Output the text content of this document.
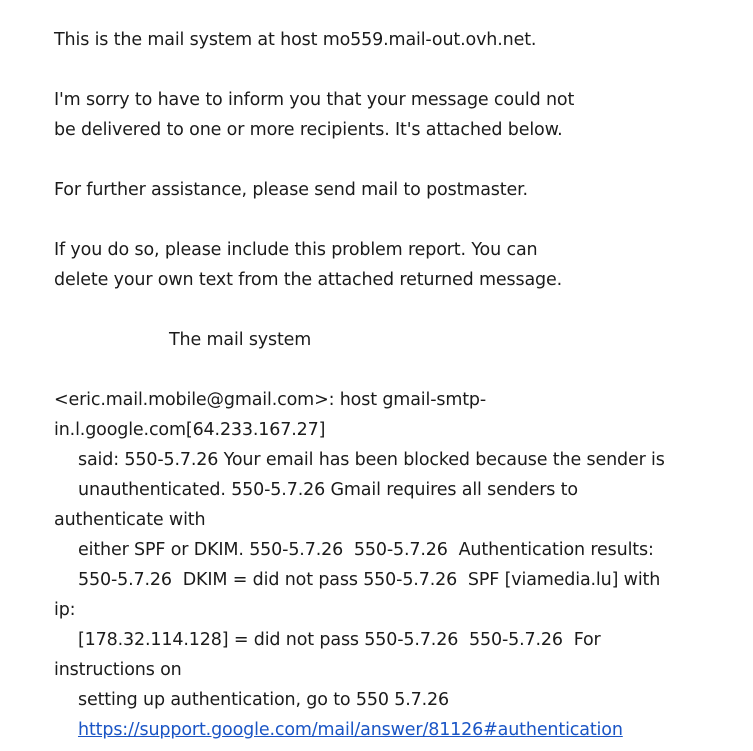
This is the mail system at host mo559.mail-out.ovh.net.
I'm sorry to have to inform you that your message could not
be delivered to one or more recipients. It's attached below.
For further assistance, please send mail to postmaster.
If you do so, please include this problem report. You can
delete your own text from the attached returned message.
The mail system
<eric.mail.mobile@gmail.com>: host gmail-smtp-
in.l.google.com[64.233.167.27]
said: 550-5.7.26 Your email has been blocked because the sender is
unauthenticated. 550-5.7.26 Gmail requires all senders to
authenticate with
either SPF or DKIM. 550-5.7.26  550-5.7.26  Authentication results:
550-5.7.26  DKIM = did not pass 550-5.7.26  SPF [viamedia.lu] with
ip:
[178.32.114.128] = did not pass 550-5.7.26  550-5.7.26  For
instructions on
setting up authentication, go to 550 5.7.26
https://support.google.com/mail/answer/81126#authentication
